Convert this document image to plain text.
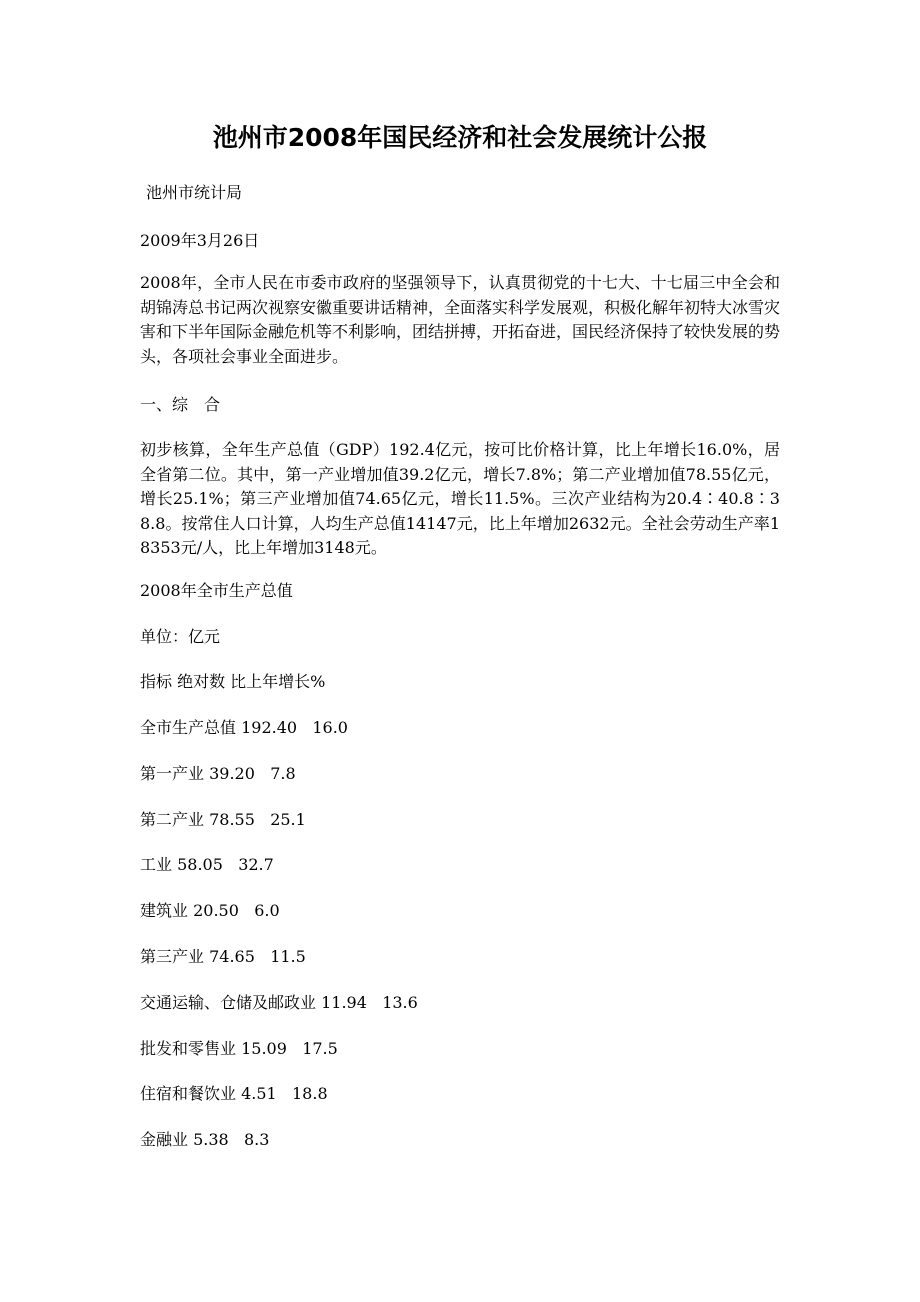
池州市2008年国民经济和社会发展统计公报

池州市统计局

2009年3月26日

2008年，全市人民在市委市政府的坚强领导下，认真贯彻党的十七大、十七届三中全会和胡锦涛总书记两次视察安徽重要讲话精神，全面落实科学发展观，积极化解年初特大冰雪灾害和下半年国际金融危机等不利影响，团结拼搏，开拓奋进，国民经济保持了较快发展的势头，各项社会事业全面进步。

一、综　合

初步核算，全年生产总值（GDP）192.4亿元，按可比价格计算，比上年增长16.0%，居全省第二位。其中，第一产业增加值39.2亿元，增长7.8%；第二产业增加值78.55亿元，增长25.1%；第三产业增加值74.65亿元，增长11.5%。三次产业结构为20.4∶40.8∶38.8。按常住人口计算，人均生产总值14147元，比上年增加2632元。全社会劳动生产率18353元/人，比上年增加3148元。

2008年全市生产总值

单位：亿元

指标 绝对数 比上年增长%

全市生产总值 192.40 16.0

第一产业 39.20 7.8

第二产业 78.55 25.1

工业 58.05 32.7

建筑业 20.50 6.0

第三产业 74.65 11.5

交通运输、仓储及邮政业 11.94 13.6

批发和零售业 15.09 17.5

住宿和餐饮业 4.51 18.8

金融业 5.38 8.3
